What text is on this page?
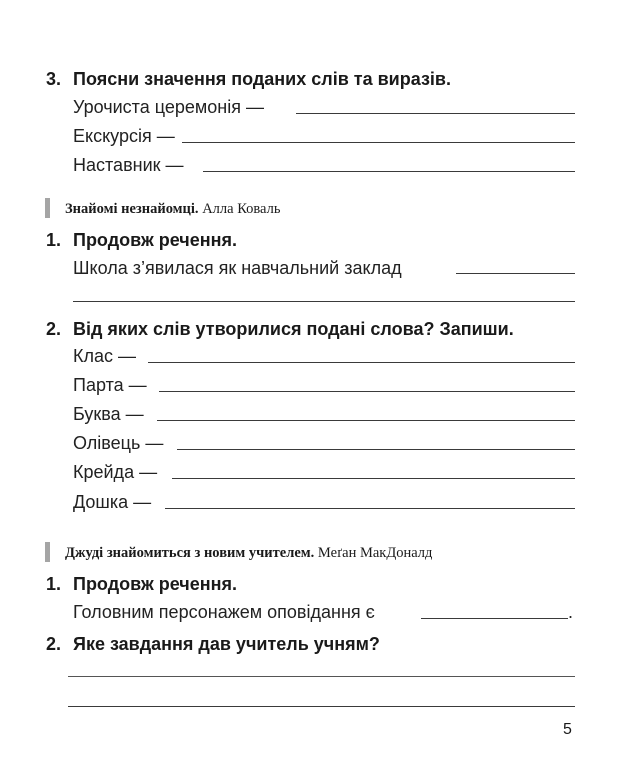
3. Поясни значення поданих слів та виразів.
Урочиста церемонія —
Екскурсія —
Наставник —
Знайомі незнайомці. Алла Коваль
1. Продовж речення.
Школа з’явилася як навчальний заклад
2. Від яких слів утворилися подані слова? Запиши.
Клас —
Парта —
Буква —
Олівець —
Крейда —
Дошка —
Джуді знайомиться з новим учителем. Меґан МакДоналд
1. Продовж речення.
Головним персонажем оповідання є	.
2. Яке завдання дав учитель учням?
5
